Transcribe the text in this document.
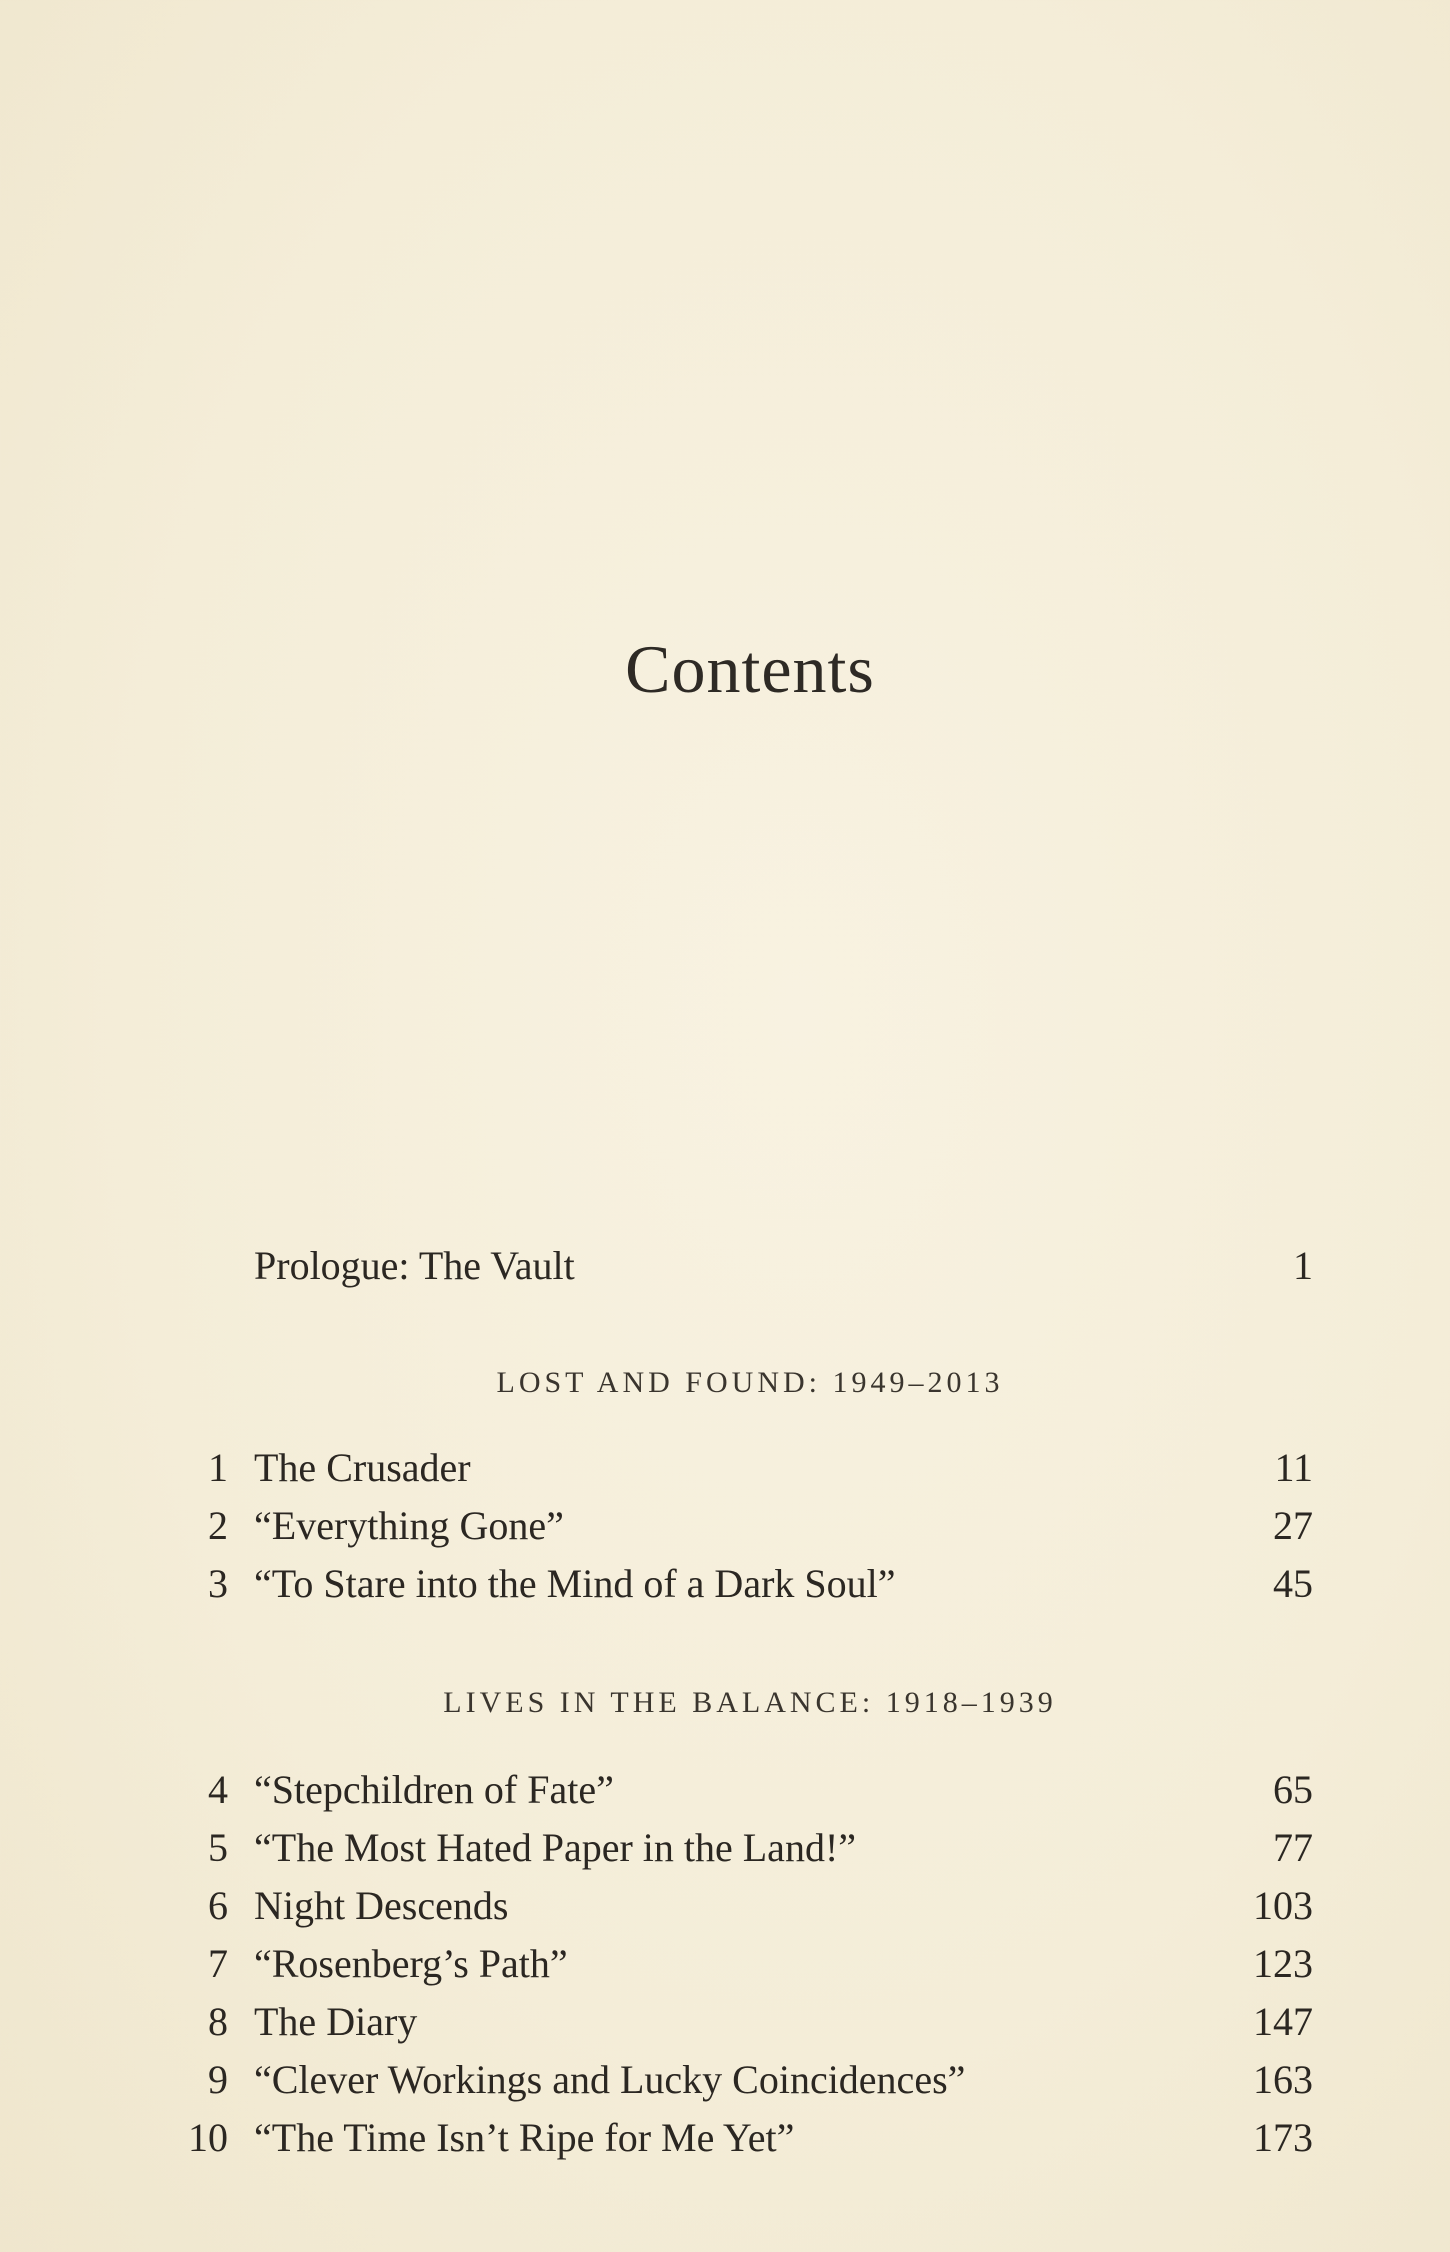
Contents
Prologue: The Vault	1
LOST AND FOUND: 1949–2013
1 The Crusader	11
2 “Everything Gone”	27
3 “To Stare into the Mind of a Dark Soul”	45
LIVES IN THE BALANCE: 1918–1939
4 “Stepchildren of Fate”	65
5 “The Most Hated Paper in the Land!”	77
6 Night Descends	103
7 “Rosenberg’s Path”	123
8 The Diary	147
9 “Clever Workings and Lucky Coincidences”	163
10 “The Time Isn’t Ripe for Me Yet”	173
